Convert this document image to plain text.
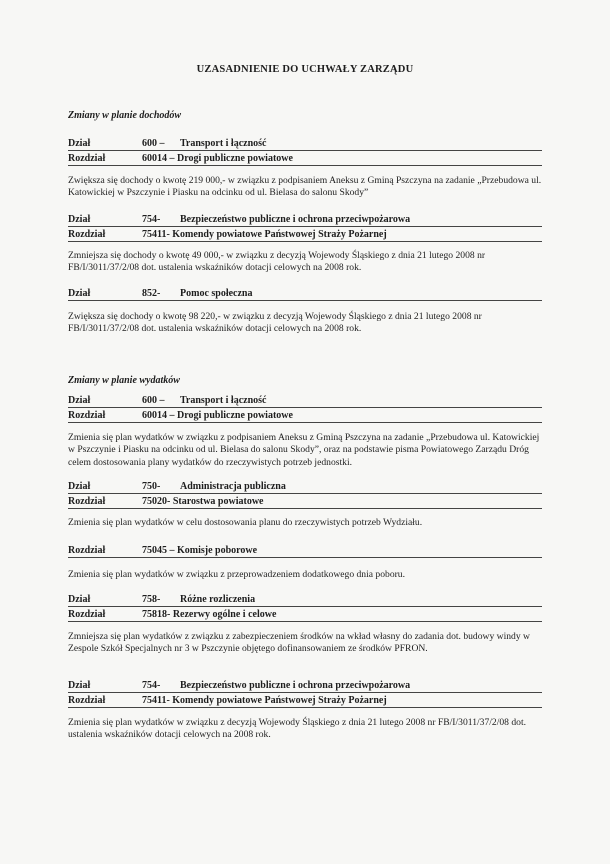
UZASADNIENIE DO UCHWAŁY ZARZĄDU
Zmiany w planie dochodów
Dział	600 – Transport i łączność
Rozdział	60014 – Drogi publiczne powiatowe
Zwiększa się dochody o kwotę 219 000,- w związku z podpisaniem Aneksu z Gminą Pszczyna na zadanie „Przebudowa ul. Katowickiej w Pszczynie i Piasku na odcinku od ul. Bielasa do salonu Skody”
Dział	754- Bezpieczeństwo publiczne i ochrona przeciwpożarowa
Rozdział	75411- Komendy powiatowe Państwowej Straży Pożarnej
Zmniejsza się dochody o kwotę 49 000,- w związku z decyzją Wojewody Śląskiego z dnia 21 lutego 2008 nr FB/I/3011/37/2/08 dot. ustalenia wskaźników dotacji celowych na 2008 rok.
Dział	852- Pomoc społeczna
Zwiększa się dochody o kwotę 98 220,- w związku z decyzją Wojewody Śląskiego z dnia 21 lutego 2008 nr FB/I/3011/37/2/08 dot. ustalenia wskaźników dotacji celowych na 2008 rok.
Zmiany w planie wydatków
Dział	600 – Transport i łączność
Rozdział	60014 – Drogi publiczne powiatowe
Zmienia się plan wydatków w związku z podpisaniem Aneksu z Gminą Pszczyna na zadanie „Przebudowa ul. Katowickiej w Pszczynie i Piasku na odcinku od ul. Bielasa do salonu Skody”, oraz na podstawie pisma Powiatowego Zarządu Dróg celem dostosowania plany wydatków do rzeczywistych potrzeb jednostki.
Dział	750- Administracja publiczna
Rozdział	75020- Starostwa powiatowe
Zmienia się plan wydatków w celu dostosowania planu do rzeczywistych potrzeb Wydziału.
Rozdział	75045 – Komisje poborowe
Zmienia się plan wydatków w związku z przeprowadzeniem dodatkowego dnia poboru.
Dział	758- Różne rozliczenia
Rozdział	75818- Rezerwy ogólne i celowe
Zmniejsza się plan wydatków z związku z zabezpieczeniem środków na wkład własny do zadania dot. budowy windy w Zespole Szkół Specjalnych nr 3 w Pszczynie objętego dofinansowaniem ze środków PFRON.
Dział	754- Bezpieczeństwo publiczne i ochrona przeciwpożarowa
Rozdział	75411- Komendy powiatowe Państwowej Straży Pożarnej
Zmienia się plan wydatków w związku z decyzją Wojewody Śląskiego z dnia 21 lutego 2008 nr FB/I/3011/37/2/08 dot. ustalenia wskaźników dotacji celowych na 2008 rok.
